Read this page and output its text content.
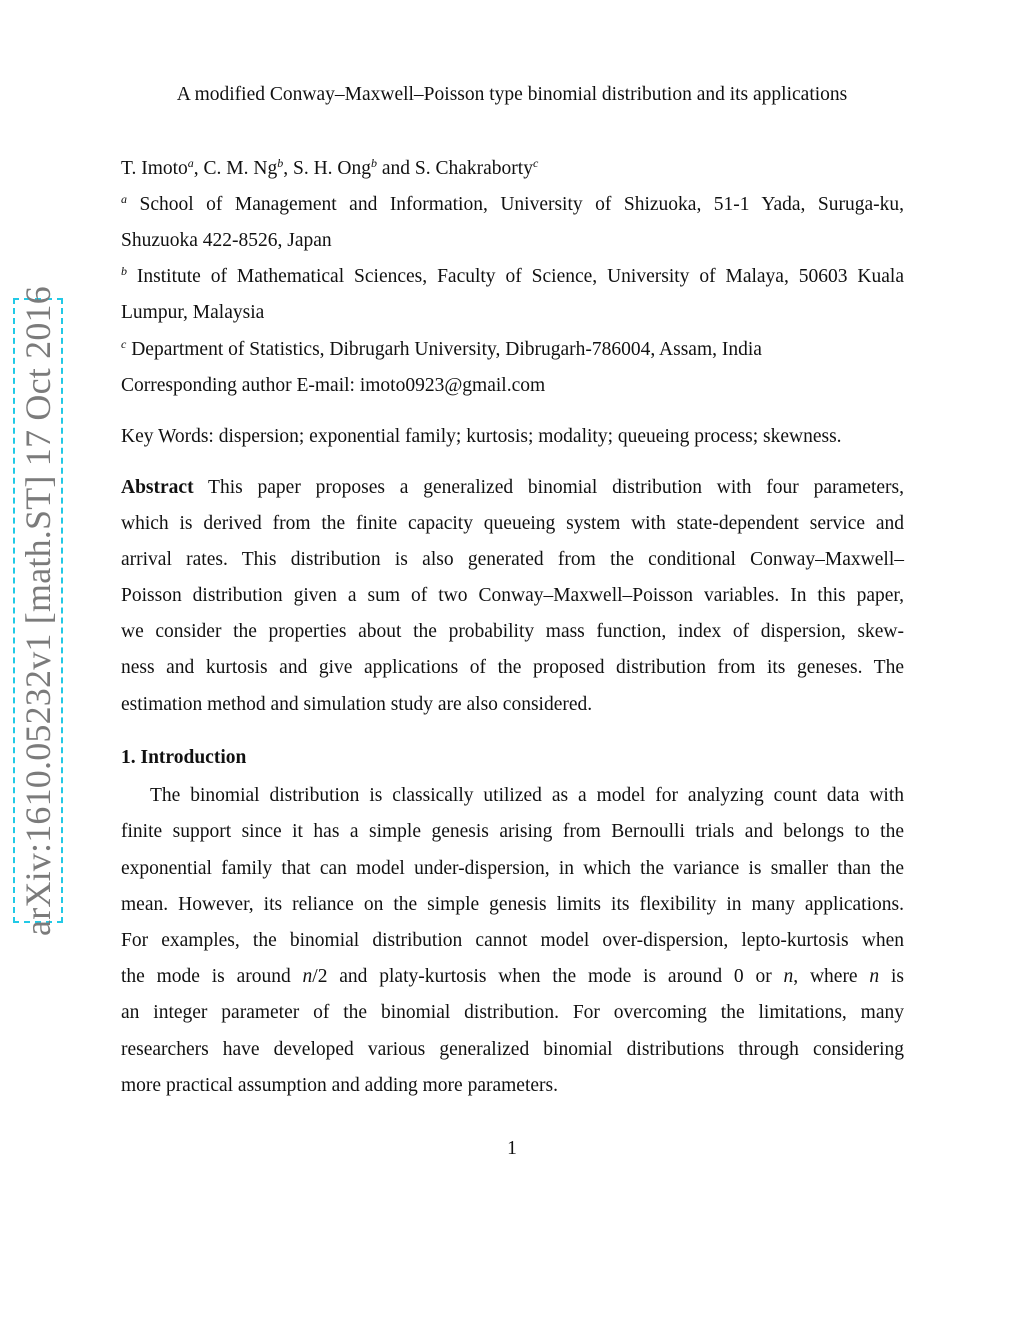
arXiv:1610.05232v1 [math.ST] 17 Oct 2016
A modified Conway–Maxwell–Poisson type binomial distribution and its applications
T. Imoto$^a$, C. M. Ng$^b$, S. H. Ong$^b$ and S. Chakraborty$^c$
$^a$ School of Management and Information, University of Shizuoka, 51-1 Yada, Suruga-ku,
Shuzuoka 422-8526, Japan
$^b$ Institute of Mathematical Sciences, Faculty of Science, University of Malaya, 50603 Kuala
Lumpur, Malaysia
$^c$ Department of Statistics, Dibrugarh University, Dibrugarh-786004, Assam, India
Corresponding author E-mail: imoto0923@gmail.com
Key Words: dispersion; exponential family; kurtosis; modality; queueing process; skewness.
Abstract This paper proposes a generalized binomial distribution with four parameters,
which is derived from the finite capacity queueing system with state-dependent service and
arrival rates. This distribution is also generated from the conditional Conway–Maxwell–
Poisson distribution given a sum of two Conway–Maxwell–Poisson variables. In this paper,
we consider the properties about the probability mass function, index of dispersion, skew-
ness and kurtosis and give applications of the proposed distribution from its geneses. The
estimation method and simulation study are also considered.
1. Introduction
The binomial distribution is classically utilized as a model for analyzing count data with
finite support since it has a simple genesis arising from Bernoulli trials and belongs to the
exponential family that can model under-dispersion, in which the variance is smaller than the
mean. However, its reliance on the simple genesis limits its flexibility in many applications.
For examples, the binomial distribution cannot model over-dispersion, lepto-kurtosis when
the mode is around n/2 and platy-kurtosis when the mode is around 0 or n, where n is
an integer parameter of the binomial distribution. For overcoming the limitations, many
researchers have developed various generalized binomial distributions through considering
more practical assumption and adding more parameters.
1
